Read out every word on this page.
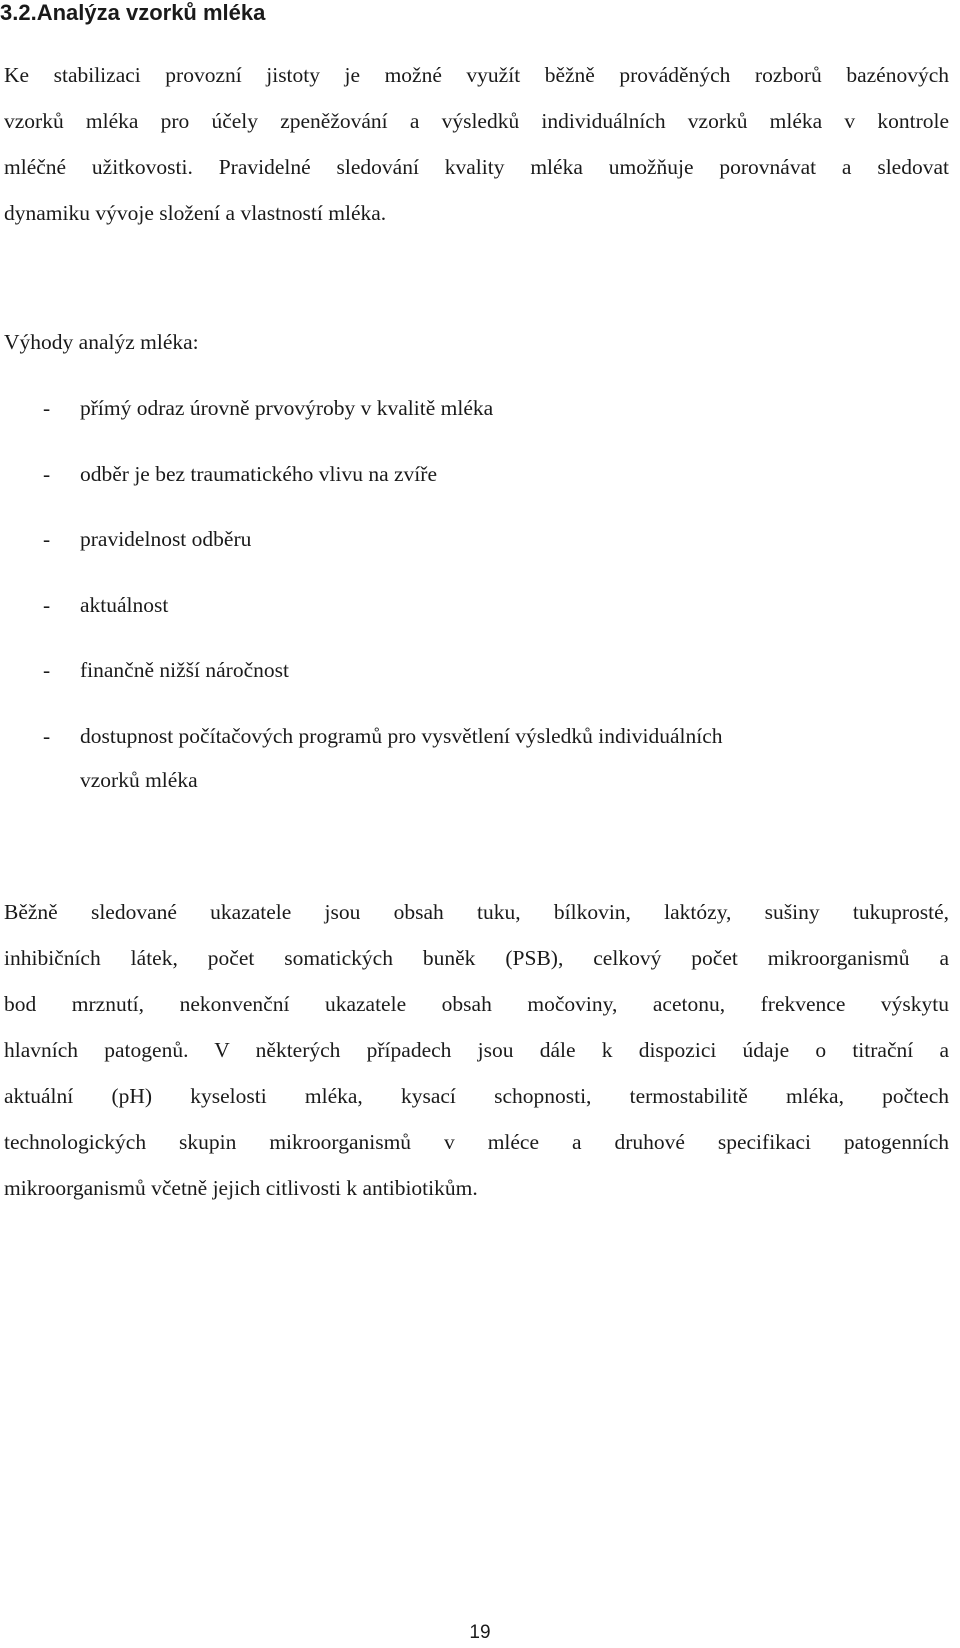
3.2.Analýza vzorků mléka
Ke stabilizaci provozní jistoty je možné využít běžně prováděných rozborů bazénových
vzorků mléka pro účely zpeněžování a výsledků individuálních vzorků mléka v kontrole
mléčné užitkovosti. Pravidelné sledování kvality mléka umožňuje porovnávat a sledovat
dynamiku vývoje složení a vlastností mléka.

Výhody analýz mléka:

- přímý odraz úrovně prvovýroby v kvalitě mléka
- odběr je bez traumatického vlivu na zvíře
- pravidelnost odběru
- aktuálnost
- finančně nižší náročnost
- dostupnost počítačových programů pro vysvětlení výsledků individuálních
vzorků mléka
Běžně sledované ukazatele jsou obsah tuku, bílkovin, laktózy, sušiny tukuprosté,
inhibičních látek, počet somatických buněk (PSB), celkový počet mikroorganismů a
bod mrznutí, nekonvenční ukazatele obsah močoviny, acetonu, frekvence výskytu
hlavních patogenů. V některých případech jsou dále k dispozici údaje o titrační a
aktuální (pH) kyselosti mléka, kysací schopnosti, termostabilitě mléka, počtech
technologických skupin mikroorganismů v mléce a druhové specifikaci patogenních
mikroorganismů včetně jejich citlivosti k antibiotikům.
19
